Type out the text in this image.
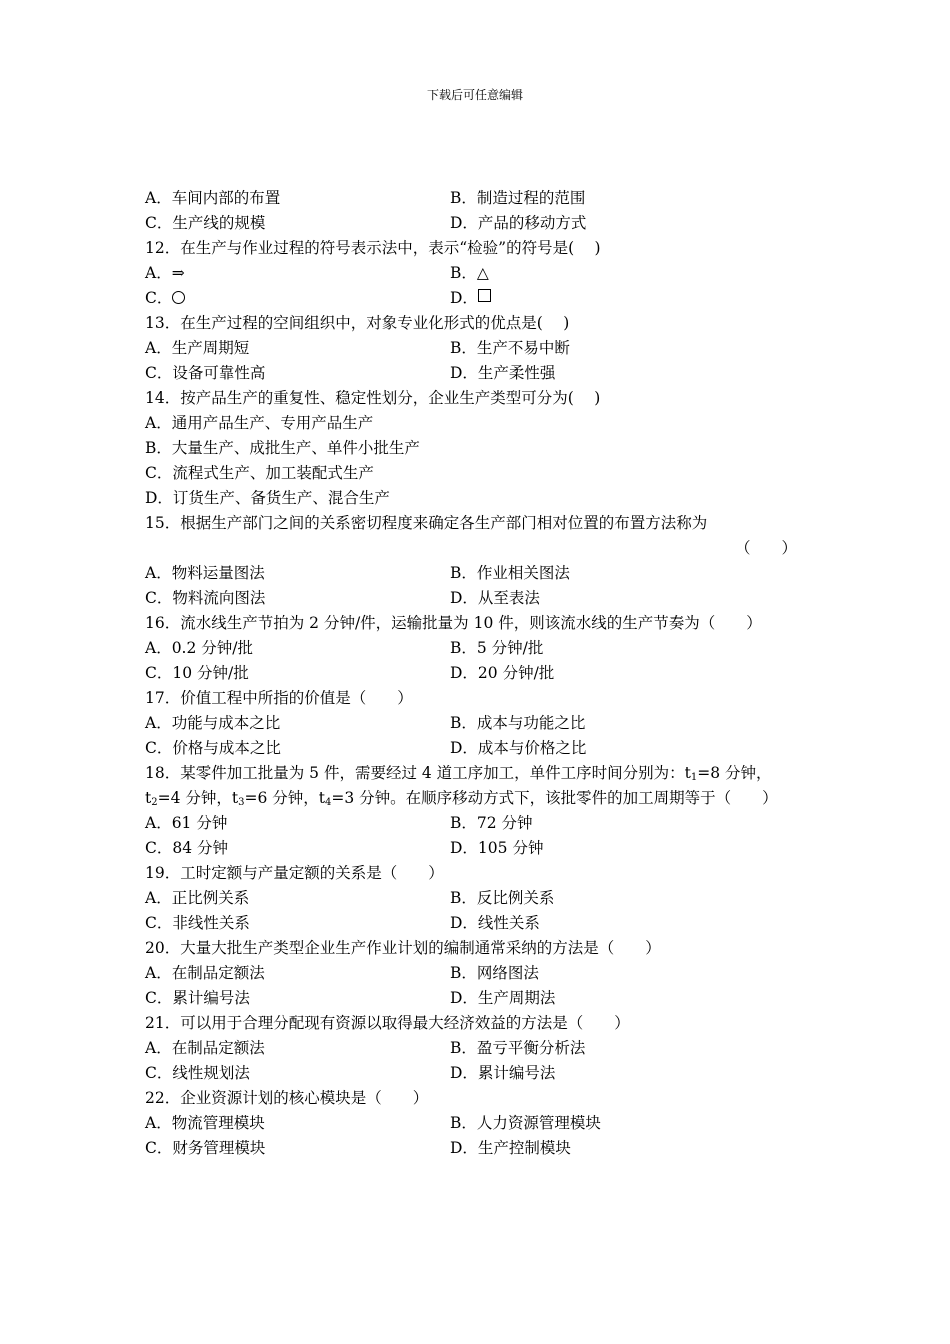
下载后可任意编辑
A．车间内部的布置	B．制造过程的范围
C．生产线的规模	D．产品的移动方式
12．在生产与作业过程的符号表示法中，表示“检验”的符号是(　 )
A．⇒	B．△
C．	D．
13．在生产过程的空间组织中，对象专业化形式的优点是(　 )
A．生产周期短	B．生产不易中断
C．设备可靠性高	D．生产柔性强
14．按产品生产的重复性、稳定性划分，企业生产类型可分为(　 )
A．通用产品生产、专用产品生产
B．大量生产、成批生产、单件小批生产
C．流程式生产、加工装配式生产
D．订货生产、备货生产、混合生产
15．根据生产部门之间的关系密切程度来确定各生产部门相对位置的布置方法称为
（　　）
A．物料运量图法	B．作业相关图法
C．物料流向图法	D．从至表法
16．流水线生产节拍为 2 分钟/件，运输批量为 10 件，则该流水线的生产节奏为（　　）
A．0.2 分钟/批	B．5 分钟/批
C．10 分钟/批	D．20 分钟/批
17．价值工程中所指的价值是（　　）
A．功能与成本之比	B．成本与功能之比
C．价格与成本之比	D．成本与价格之比
18．某零件加工批量为 5 件，需要经过 4 道工序加工，单件工序时间分别为：$t_1=8$ 分钟，
$t_2=4$ 分钟，$t_3=6$ 分钟，$t_4=3$ 分钟。在顺序移动方式下，该批零件的加工周期等于（　　）
A．61 分钟	B．72 分钟
C．84 分钟	D．105 分钟
19．工时定额与产量定额的关系是（　　）
A．正比例关系	B．反比例关系
C．非线性关系	D．线性关系
20．大量大批生产类型企业生产作业计划的编制通常采纳的方法是（　　）
A．在制品定额法	B．网络图法
C．累计编号法	D．生产周期法
21．可以用于合理分配现有资源以取得最大经济效益的方法是（　　）
A．在制品定额法	B．盈亏平衡分析法
C．线性规划法	D．累计编号法
22．企业资源计划的核心模块是（　　）
A．物流管理模块	B．人力资源管理模块
C．财务管理模块	D．生产控制模块
